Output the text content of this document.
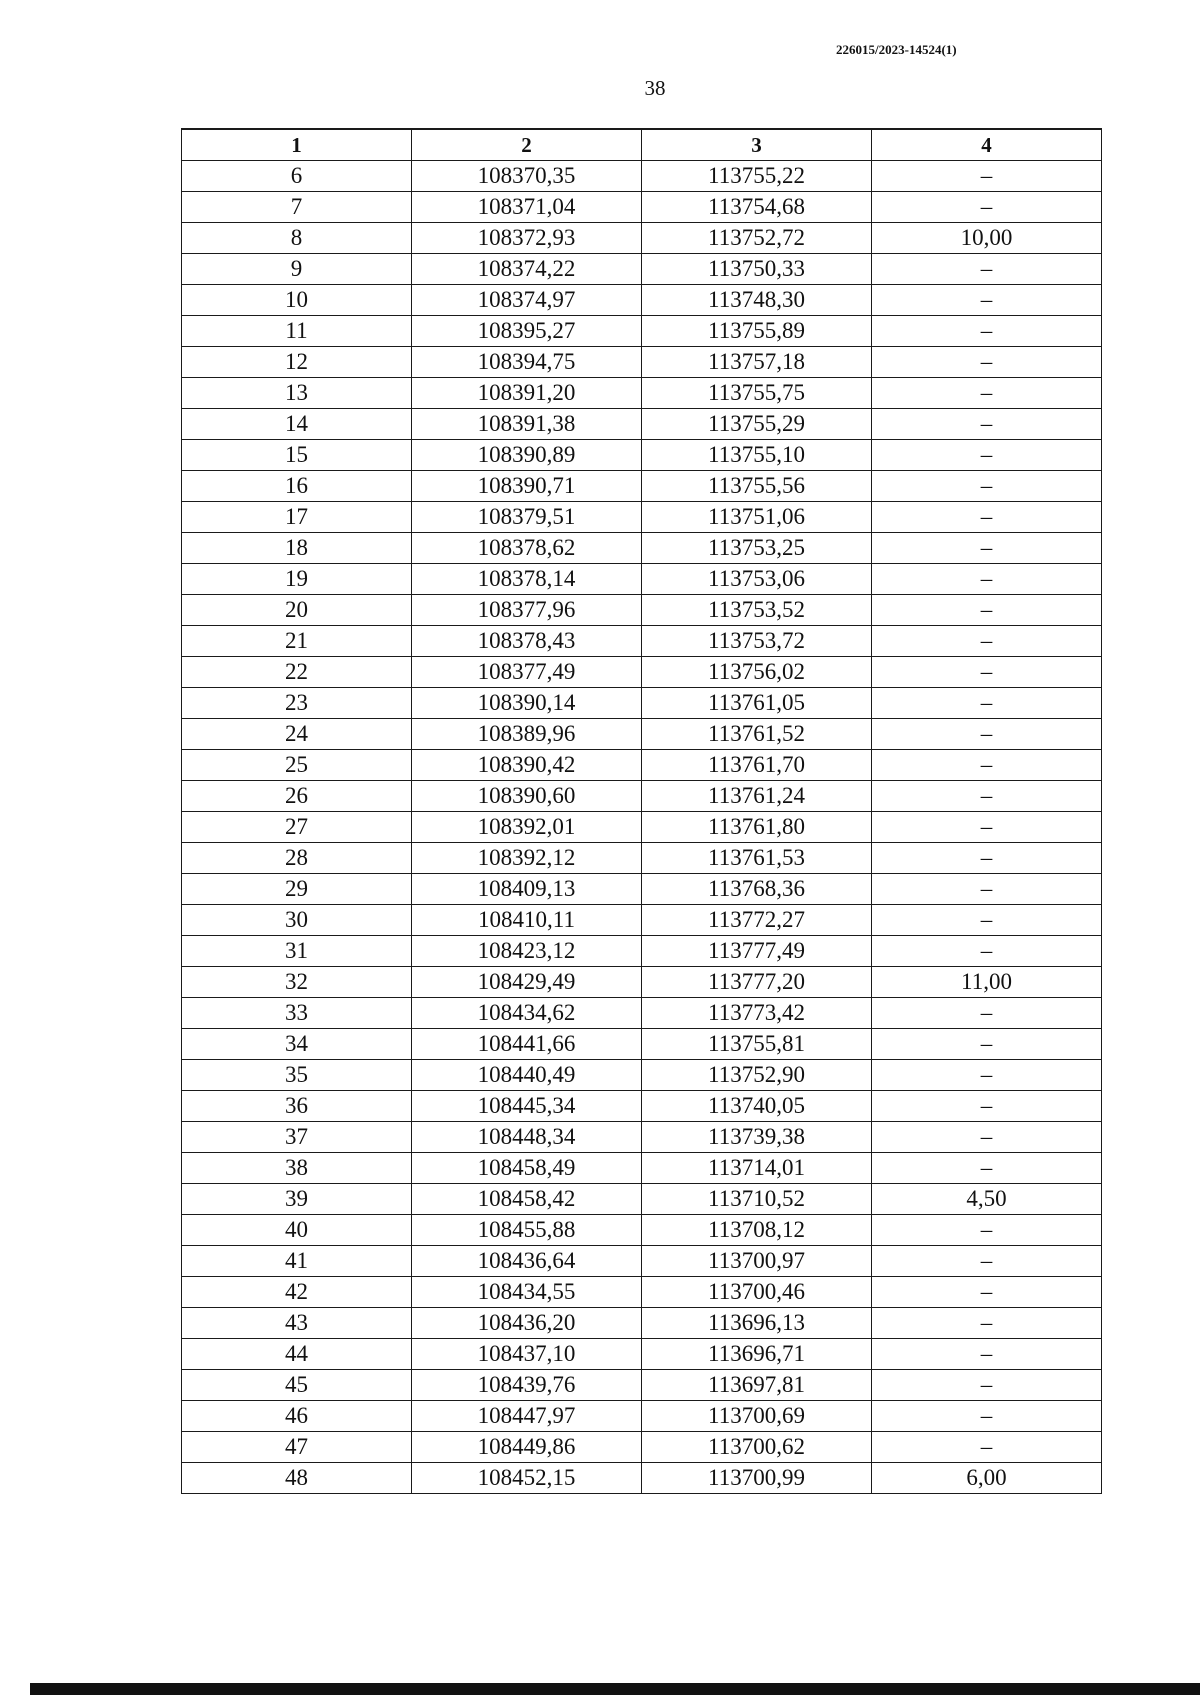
226015/2023-14524(1)
38
1	2	3	4
6	108370,35	113755,22	–
7	108371,04	113754,68	–
8	108372,93	113752,72	10,00
9	108374,22	113750,33	–
10	108374,97	113748,30	–
11	108395,27	113755,89	–
12	108394,75	113757,18	–
13	108391,20	113755,75	–
14	108391,38	113755,29	–
15	108390,89	113755,10	–
16	108390,71	113755,56	–
17	108379,51	113751,06	–
18	108378,62	113753,25	–
19	108378,14	113753,06	–
20	108377,96	113753,52	–
21	108378,43	113753,72	–
22	108377,49	113756,02	–
23	108390,14	113761,05	–
24	108389,96	113761,52	–
25	108390,42	113761,70	–
26	108390,60	113761,24	–
27	108392,01	113761,80	–
28	108392,12	113761,53	–
29	108409,13	113768,36	–
30	108410,11	113772,27	–
31	108423,12	113777,49	–
32	108429,49	113777,20	11,00
33	108434,62	113773,42	–
34	108441,66	113755,81	–
35	108440,49	113752,90	–
36	108445,34	113740,05	–
37	108448,34	113739,38	–
38	108458,49	113714,01	–
39	108458,42	113710,52	4,50
40	108455,88	113708,12	–
41	108436,64	113700,97	–
42	108434,55	113700,46	–
43	108436,20	113696,13	–
44	108437,10	113696,71	–
45	108439,76	113697,81	–
46	108447,97	113700,69	–
47	108449,86	113700,62	–
48	108452,15	113700,99	6,00
